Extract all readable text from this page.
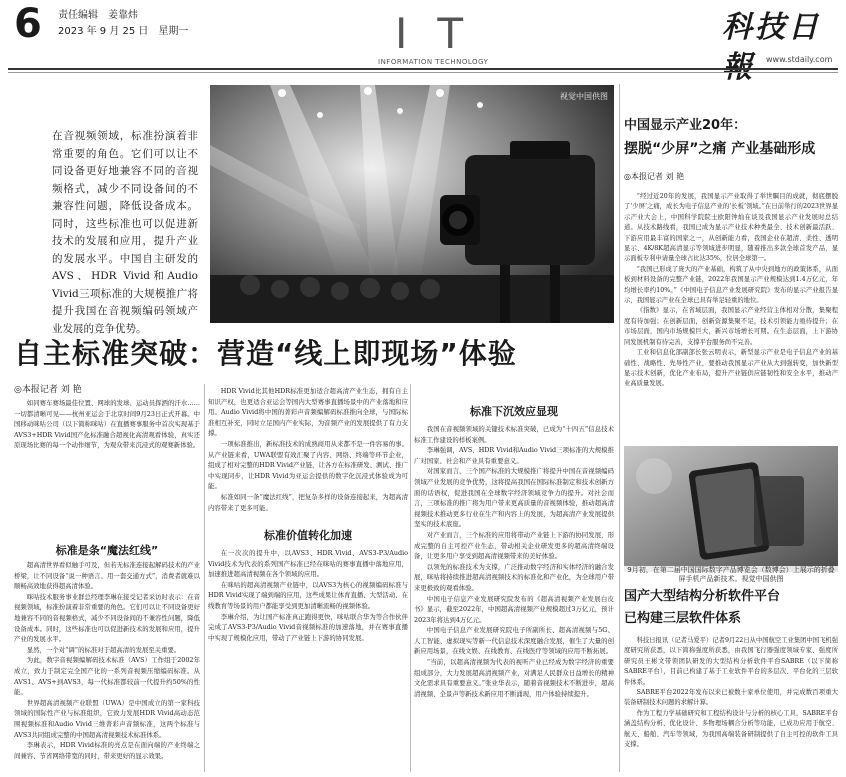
6 责任编辑　姜靠炜
2023 年 9 月 25 日　星期一	IT
INFORMATION TECHNOLOGY
科技日
www.stdaily.com
视觉中国供图
在音视频领域，标准扮演着非常重要的角色。它们可以让不同设备更好地兼容不同的音视频格式，减少不同设备间的不兼容性问题，降低设备成本。同时，这些标准也可以促进新技术的发展和应用，提升产业的发展水平。中国自主研发的AVS、HDR Vivid和Audio Vivid三项标准的大规模推广将提升我国在音视频编码领域产业发展的竞争优势。
自主标准突破：营造“线上即现场”体验
◎本报记者 刘 艳

如同赛车赛场最佳位置、网球的发球、运动员挥洒的汗水……一切都清晰可见——杭州亚运会于北京时间9月23日正式开幕。中国移动咪咕公司（以下简称咪咕）在直播赛事服务中首次实现基于AVS3+HDR Vivid国产化标准融合超视化高清观看体验，真实还原现场比赛的每一个动作细节，为观众带来沉浸式的观赛新体验。

标准是条“魔法红线”

超高清世界看似触手可及，但若无标准连接起解码技术的产业桥梁，让不同设备“说一种语言、用一套交通方式”，消费者就难以顺畅高效地获得超高清体验。

咪咕技术服务事业群总经理李琳在接受记者采访时表示：在音视频领域，标准扮演着非常重要的角色。它们可以让不同设备更好地兼容不同的音视频格式，减少不同设备间的不兼容性问题，降低设备成本。同时，这些标准也可以促进新技术的发展和应用，提升产业的发展水平。

显然，一个对“调”的标准对于超高清的发展至关重要。

为此，数字音视频编解码技术标准（AVS）工作组于2002年成立，致力于制定完全国产化的一系列音视频压缩编码标准。从AVS1、AVS+到AVS3，每一代标准都较前一代提升约50%的性能。

世界超高清视频产业联盟（UWA）是中国成立的第一家科技领域的国际性产业与标准组织，它致力发展HDR Vivid高动态范围视频标准和Audio Vivid三维菁彩声音频标准，这两个标准与AVS3共同组成完整的中国超高清视频技术标准体系。

李琳表示，HDR Vivid标准的亮点是在面向端的产业终端之间兼容、节省网络带宽的同时，带来更好的显示效果。

HDR Vivid比其他HDR标准更加适合超高清产业生态，拥有自主知识产权，也更适合亚运会等国内大型赛事直播场景中的产业落地和应用。Audio Vivid将中国的菁彩声音频编解码标准推向全球，与国际标准相互补充，同时立足国内产业实际，为音频产业的发展提供了有力支撑。

一项标准推出，新标准技术的成熟商用从来都不是一件容易的事。从产业链来看，UWA联盟有效汇聚了内容、网络、终端等环节企业，组成了相对完整的HDR Vivid产业链，让各方在标准研发、测试、推广中实现同步，让HDR Vivid为亚运会提供的数字化沉浸式体验成为可能。

标准如同一条“魔法红线”，把复杂多样的设备连接起来，为超高清内容带来了更多可能。

标准价值转化加速

在一次次的提升中，以AVS3、HDR Vivid、AVS3-P3/Audio Vivid技术为代表的系列国产标准已经在咪咕的赛事直播中落地应用，加速推进超高清视频在各个领域的应用。

在咪咕的超高清视频产业链中，以AVS3为核心的视频编码标准与HDR Vivid实现了端到端的应用，这些成果让体育直播、大型活动、在线教育等场景的用户都能享受到更加清晰流畅的视频体验。

李琳介绍，为让国产标准真正跑得更快，咪咕联合华为等合作伙伴完成了AVS3-P3/Audio Vivid音视频标准的加速落地，并在赛事直播中实现了规模化应用，带动了产业链上下游的协同发展。

标准下沉效应显现

我国在音视频领域的关键技术标准突破，已成为“十四五”信息技术标准工作建设的样板案例。

李琳强调，AVS、HDR Vivid和Audio Vivid三项标准的大规模推广对国家、社会和产业具有重要意义。

对国家而言，三个国产标准的大规模推广将提升中国在音视频编码领域产业发展的竞争优势，这将提高我国在国际标准制定和技术创新方面的话语权，促进我国在全球数字经济领域竞争力的提升。对社会而言，三项标准的推广将为用户带来更高质量的音视频体验，推动超高清视频技术推动更多行业在生产和内容上的发展，为超高清产业发展提供坚实的技术底座。

对产业而言，三个标准的应用将带动产业链上下游的协同发展，形成完整的自主可控产业生态，带动相关企业研发更多的超高清终端设备，让更多用户享受到超高清视频带来的美好体验。

以领先的标准技术为支撑，广泛推动数字经济和实体经济的融合发展，咪咕将持续推进超高清视频技术的标准化和产业化，为全球用户带来更极致的观看体验。

中国电子信息产业发展研究院发布的《超高清视频产业发展白皮书》显示，截至2022年，中国超高清视频产业规模超过3万亿元，预计2023年将达到4万亿元。

中国电子信息产业发展研究院电子所副所长、超高清视频与5G、人工智能、虚拟现实等新一代信息技术深度融合发展，催生了大量的创新应用场景，在线文娱、在线教育、在线医疗等领域的应用不断拓展。

“当前，以超高清视频为代表的视听产业已经成为数字经济的重要组成部分，大力发展超高清视频产业，对满足人民群众日益增长的精神文化需求具有重要意义。”张业华表示，随着音视频技术不断进步，超高清视频、全景声等新技术新应用不断涌现，用户体验持续提升。

中国显示产业20年：
摆脱“少屏”之痛 产业基础形成
◎本报记者 刘 艳

“经过近20年的发展，我国显示产业取得了举世瞩目的成就，彻底摆脱了‘少屏’之痛，成长为电子信息产业的‘长板’领域。”在日前举行的2023世界显示产业大会上，中国科学院院士欧阳钟灿在谈及我国显示产业发展时总结道。从技术路线看，我国已成为显示产业技术种类最全、技术创新最活跃、下游应用最丰富的国家之一，从创新能力看，我国企业在超清、柔性、透明显示、4K/8K超高清显示等领域进步明显，随着推出多款全球首发产品，显示面板专利申请量全球占比达35%，位居全球第一。

“我国已形成了庞大的产业基础，构筑了从中央到地方的政策体系，从面板到材料设备的完整产业链，2022年我国显示产业规模达到1.4万亿元，年均增长率约10%。”《中国电子信息产业发展研究院》发布的显示产业报告显示，我国显示产业在全球已具有举足轻重的地位。

《指数》显示，在省域层面，我国显示产业经营主体相对分散，集聚程度有待加强；在创新层面，创新资源集聚不足，技术引领能力亟待提升；在市场层面，国内市场规模巨大，新兴市场增长可期。在生态层面，上下游协同发展机制有待完善，支撑平台服务尚不完善。

工业和信息化部副部长张云明表示，新型显示产业是电子信息产业的基础性、战略性、先导性产业，要推动我国显示产业从大到强转变，加快新型显示技术创新，优化产业布局，提升产业链供应链韧性和安全水平，推动产业高质量发展。

9月初，在第二届中国国际数字产品博览会（数博会）上展示的折叠屏手机产品新技术。视觉中国供图
国产大型结构分析软件平台
已构建三层软件体系

科技日报讯（记者马爱平）记者9月22日从中国航空工业集团中国飞机强度研究所获悉，以下简称强度所获悉，由我国飞行器强度领域专家、强度所研究员王彬文带领团队研发的大型结构分析软件平台SABRE（以下简称SABRE平台），目前已构建了基于工业软件平台的多层次、平台化的三层软件体系。

SABRE平台2022年发布以来已被数十家单位使用，并完成数百项重大装备研制技术问题的求解计算。

作为工程力学基础研究和工程结构设计与分析的核心工具，SABRE平台涵盖结构分析、优化设计、多物理场耦合分析等功能，已成功应用于航空、航天、船舶、汽车等领域，为我国高端装备研制提供了自主可控的软件工具支撑。
